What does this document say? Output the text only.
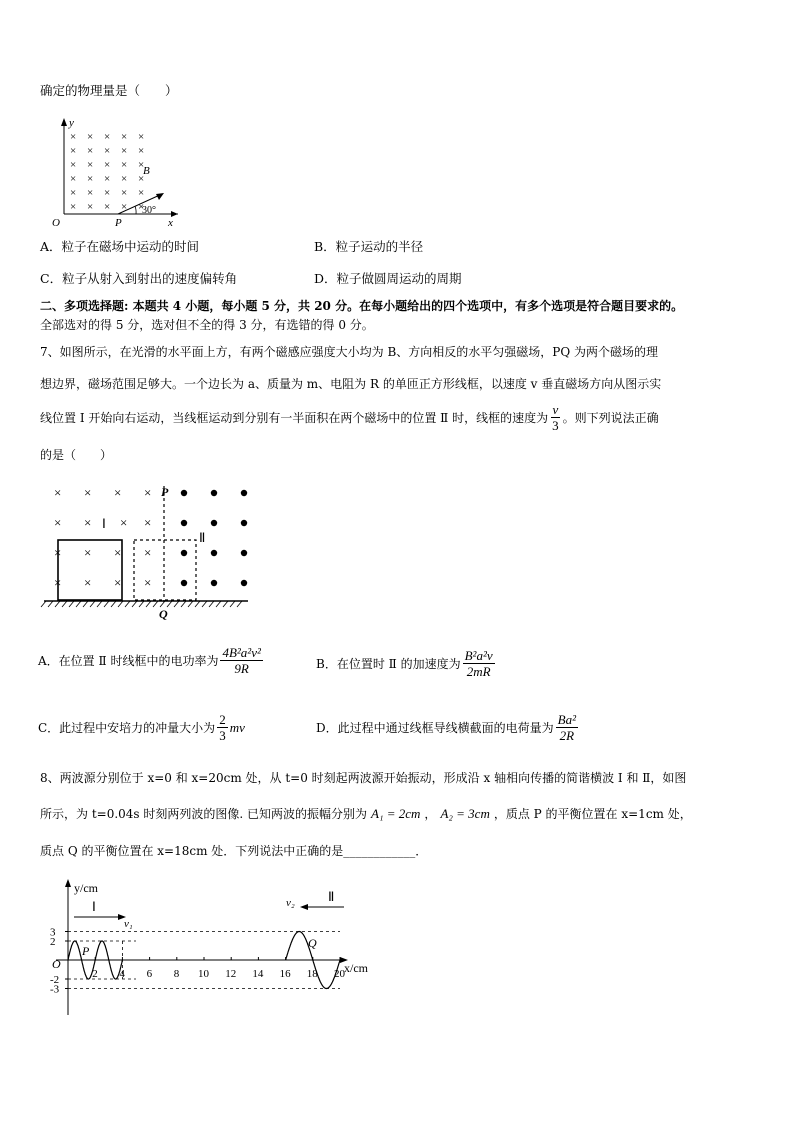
确定的物理量是（　　）
y
x
O	P
B
30°
× × × × ×
× × × × ×
× × × × ×
× × × × ×
× × × × ×
× × × × ×
A．粒子在磁场中运动的时间	B．粒子运动的半径
C．粒子从射入到射出的速度偏转角	D．粒子做圆周运动的周期
二、多项选择题: 本题共 4 小题，每小题 5 分，共 20 分。在每小题给出的四个选项中，有多个选项是符合题目要求的。
全部选对的得 5 分，选对但不全的得 3 分，有选错的得 0 分。
7、如图所示，在光滑的水平面上方，有两个磁感应强度大小均为 B、方向相反的水平匀强磁场，PQ 为两个磁场的理
想边界，磁场范围足够大。一个边长为 a、质量为 m、电阻为 R 的单匝正方形线框，以速度 v 垂直磁场方向从图示实
线位置 Ⅰ 开始向右运动，当线框运动到分别有一半面积在两个磁场中的位置 Ⅱ 时，线框的速度为 $\frac{v}{3}$ 。则下列说法正确
的是（　　）
× × × ×
× × × ×
× × × ×
× × × ×
P
Q
Ⅰ
Ⅱ
A．在位置 Ⅱ 时线框中的电功率为 $\frac{\text{4B²a²v²}}{9R}$	B．在位置时 Ⅱ 的加速度为 $\frac{\text{B²a²v}}{2mR}$
C．此过程中安培力的冲量大小为 $\frac{2}{3}$ mv	D．此过程中通过线框导线横截面的电荷量为 $\frac{\text{Ba²}}{2R}$
8、两波源分别位于 x=0 和 x=20cm 处，从 t=0 时刻起两波源开始振动，形成沿 x 轴相向传播的简谐横波 Ⅰ 和 Ⅱ，如图
所示，为 t=0.04s 时刻两列波的图像. 已知两波的振幅分别为 A₁ = 2cm ， A₂ = 3cm ，质点 P 的平衡位置在 x=1cm 处，
质点 Q 的平衡位置在 x=18cm 处．下列说法中正确的是____________．
y/cm
x/cm
O
3
2
-2
-3
2 4 6 8 10 12 14 16 18 20
Ⅰ
v₁
Ⅱ
v₂
P
Q
